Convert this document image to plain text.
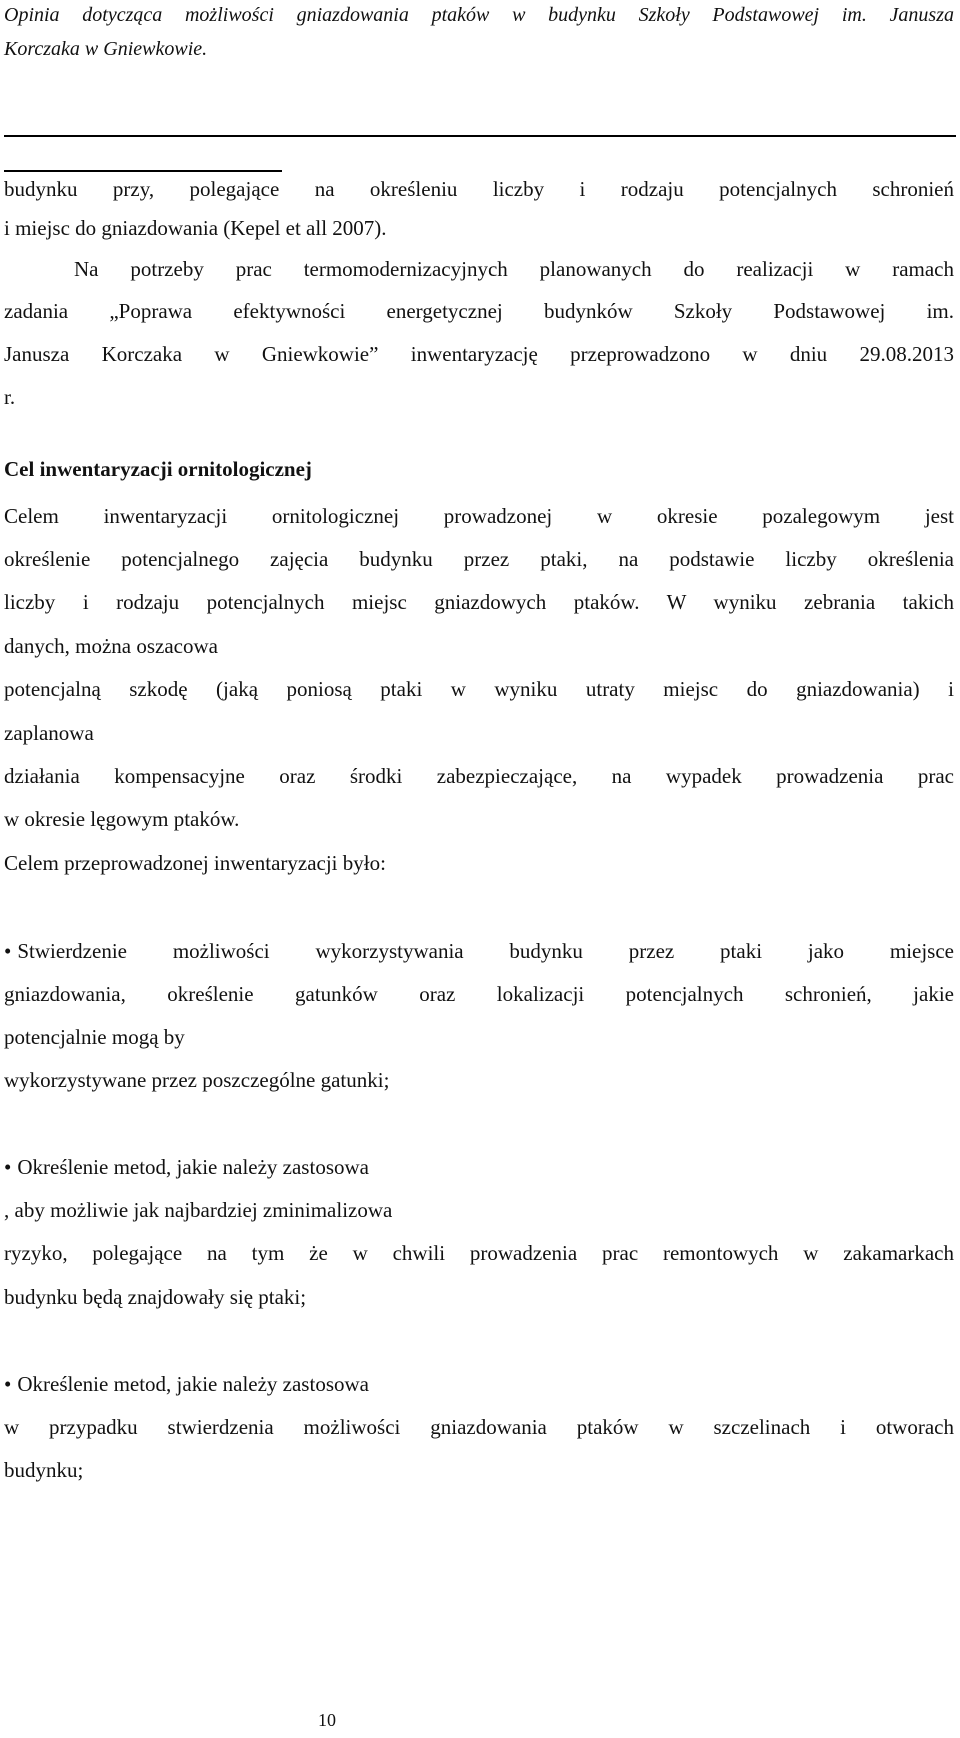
Opinia dotycząca możliwości gniazdowania ptaków w budynku Szkoły Podstawowej im. Janusza
Korczaka w Gniewkowie.
budynku przy, polegające na określeniu liczby i rodzaju potencjalnych schronień
i miejsc do gniazdowania (Kepel et all 2007).
Na potrzeby prac termomodernizacyjnych planowanych do realizacji w ramach
zadania „Poprawa efektywności energetycznej budynków Szkoły Podstawowej im.
Janusza Korczaka w Gniewkowie” inwentaryzację przeprowadzono w dniu 29.08.2013
r.
Cel inwentaryzacji ornitologicznej
Celem inwentaryzacji ornitologicznej prowadzonej w okresie pozalegowym jest
określenie potencjalnego zajęcia budynku przez ptaki, na podstawie liczby określenia
liczby i rodzaju potencjalnych miejsc gniazdowych ptaków. W wyniku zebrania takich
danych, można oszacowa
potencjalną szkodę (jaką poniosą ptaki w wyniku utraty miejsc do gniazdowania) i
zaplanowa
działania kompensacyjne oraz środki zabezpieczające, na wypadek prowadzenia prac
w okresie lęgowym ptaków.
Celem przeprowadzonej inwentaryzacji było:
• Stwierdzenie możliwości wykorzystywania budynku przez ptaki jako miejsce
gniazdowania, określenie gatunków oraz lokalizacji potencjalnych schronień, jakie
potencjalnie mogą by
wykorzystywane przez poszczególne gatunki;
• Określenie metod, jakie należy zastosowa
, aby możliwie jak najbardziej zminimalizowa
ryzyko, polegające na tym że w chwili prowadzenia prac remontowych w zakamarkach
budynku będą znajdowały się ptaki;
• Określenie metod, jakie należy zastosowa
w przypadku stwierdzenia możliwości gniazdowania ptaków w szczelinach i otworach
budynku;
10
